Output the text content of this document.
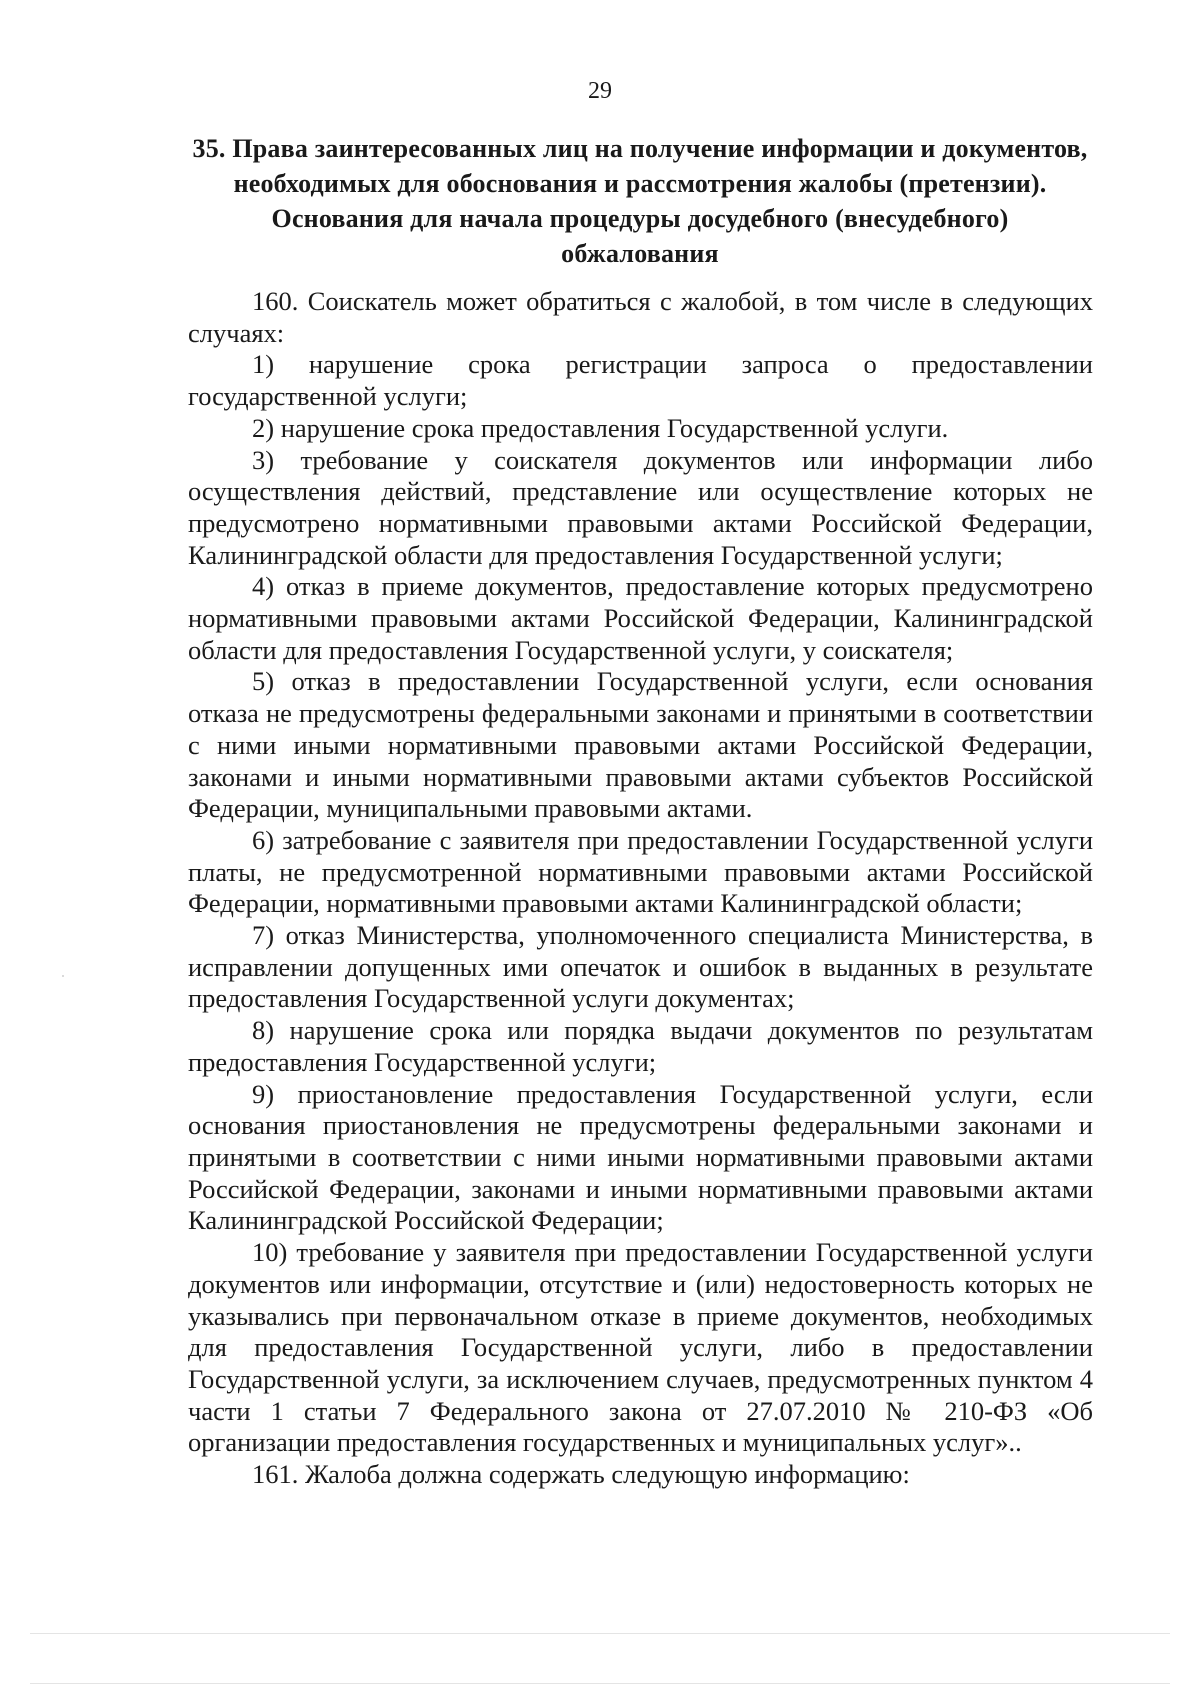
29
35. Права заинтересованных лиц на получение информации и документов, необходимых для обоснования и рассмотрения жалобы (претензии). Основания для начала процедуры досудебного (внесудебного) обжалования

160. Соискатель может обратиться с жалобой, в том числе в следующих случаях:

1) нарушение срока регистрации запроса о предоставлении государственной услуги;

2) нарушение срока предоставления Государственной услуги.

3) требование у соискателя документов или информации либо осуществления действий, представление или осуществление которых не предусмотрено нормативными правовыми актами Российской Федерации, Калининградской области для предоставления Государственной услуги;

4) отказ в приеме документов, предоставление которых предусмотрено нормативными правовыми актами Российской Федерации, Калининградской области для предоставления Государственной услуги, у соискателя;

5) отказ в предоставлении Государственной услуги, если основания отказа не предусмотрены федеральными законами и принятыми в соответствии с ними иными нормативными правовыми актами Российской Федерации, законами и иными нормативными правовыми актами субъектов Российской Федерации, муниципальными правовыми актами.

6) затребование с заявителя при предоставлении Государственной услуги платы, не предусмотренной нормативными правовыми актами Российской Федерации, нормативными правовыми актами Калининградской области;

7) отказ Министерства, уполномоченного специалиста Министерства, в исправлении допущенных ими опечаток и ошибок в выданных в результате предоставления Государственной услуги документах;

8) нарушение срока или порядка выдачи документов по результатам предоставления Государственной услуги;

9) приостановление предоставления Государственной услуги, если основания приостановления не предусмотрены федеральными законами и принятыми в соответствии с ними иными нормативными правовыми актами Российской Федерации, законами и иными нормативными правовыми актами Калининградской Российской Федерации;

10) требование у заявителя при предоставлении Государственной услуги документов или информации, отсутствие и (или) недостоверность которых не указывались при первоначальном отказе в приеме документов, необходимых для предоставления Государственной услуги, либо в предоставлении Государственной услуги, за исключением случаев, предусмотренных пунктом 4 части 1 статьи 7 Федерального закона от 27.07.2010 № 210-ФЗ «Об организации предоставления государственных и муниципальных услуг»..

161. Жалоба должна содержать следующую информацию:
